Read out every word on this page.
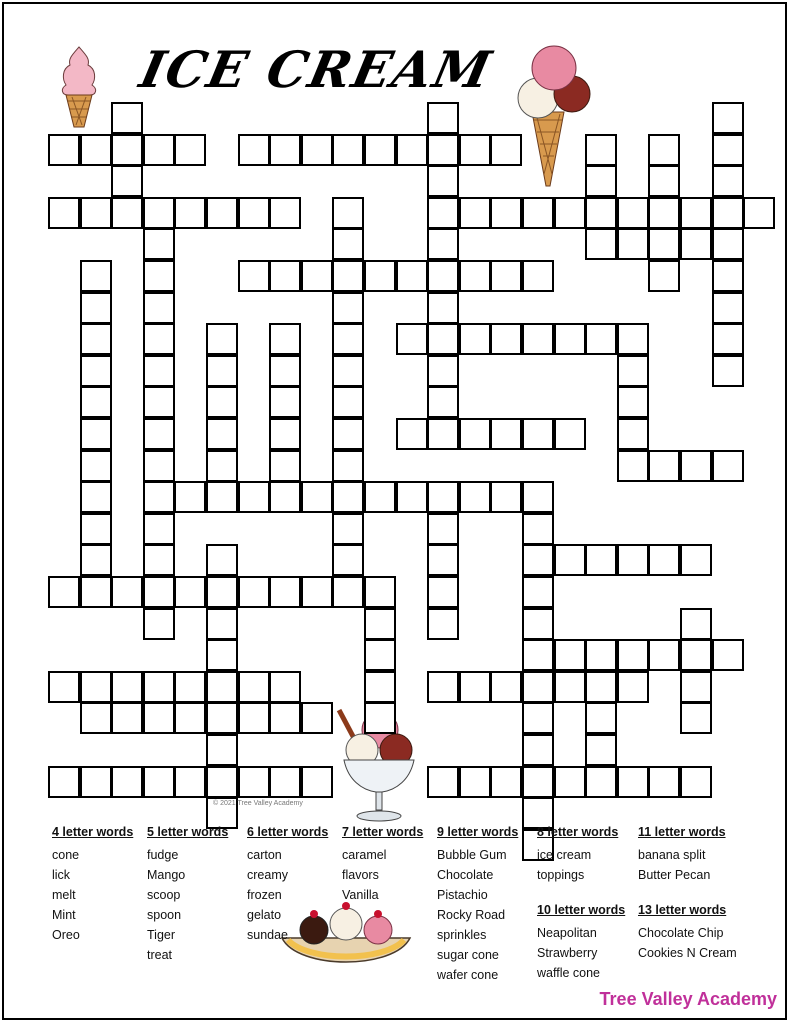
ICE CREAM
© 2021 Tree Valley Academy
4 letter words
cone
lick
melt
Mint
Oreo
5 letter words
fudge
Mango
scoop
spoon
Tiger
treat
6 letter words
carton
creamy
frozen
gelato
sundae
7 letter words
caramel
flavors
Vanilla
9 letter words
Bubble Gum
Chocolate
Pistachio
Rocky Road
sprinkles
sugar cone
wafer cone
8 letter words
ice cream
toppings
10 letter words
Neapolitan
Strawberry
waffle cone
11 letter words
banana split
Butter Pecan
13 letter words
Chocolate Chip
Cookies N Cream
Tree Valley Academy
